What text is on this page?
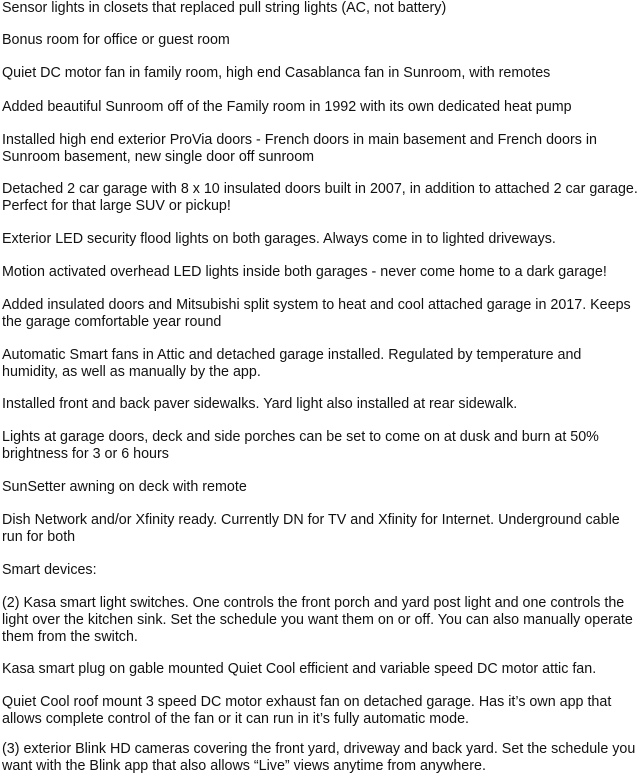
Sensor lights in closets that replaced pull string lights (AC, not battery)

Bonus room for office or guest room

Quiet DC motor fan in family room, high end Casablanca fan in Sunroom, with remotes

Added beautiful Sunroom off of the Family room in 1992 with its own dedicated heat pump

Installed high end exterior ProVia doors - French doors in main basement and French doors in
Sunroom basement, new single door off sunroom

Detached 2 car garage with 8 x 10 insulated doors built in 2007, in addition to attached 2 car garage.
Perfect for that large SUV or pickup!

Exterior LED security flood lights on both garages. Always come in to lighted driveways.

Motion activated overhead LED lights inside both garages - never come home to a dark garage!

Added insulated doors and Mitsubishi split system to heat and cool attached garage in 2017. Keeps
the garage comfortable year round

Automatic Smart fans in Attic and detached garage installed. Regulated by temperature and
humidity, as well as manually by the app.

Installed front and back paver sidewalks. Yard light also installed at rear sidewalk.

Lights at garage doors, deck and side porches can be set to come on at dusk and burn at 50%
brightness for 3 or 6 hours

SunSetter awning on deck with remote

Dish Network and/or Xfinity ready. Currently DN for TV and Xfinity for Internet. Underground cable
run for both

Smart devices:

(2) Kasa smart light switches. One controls the front porch and yard post light and one controls the
light over the kitchen sink. Set the schedule you want them on or off. You can also manually operate
them from the switch.

Kasa smart plug on gable mounted Quiet Cool efficient and variable speed DC motor attic fan.

Quiet Cool roof mount 3 speed DC motor exhaust fan on detached garage. Has it’s own app that
allows complete control of the fan or it can run in it’s fully automatic mode.

(3) exterior Blink HD cameras covering the front yard, driveway and back yard. Set the schedule you
want with the Blink app that also allows “Live” views anytime from anywhere.
